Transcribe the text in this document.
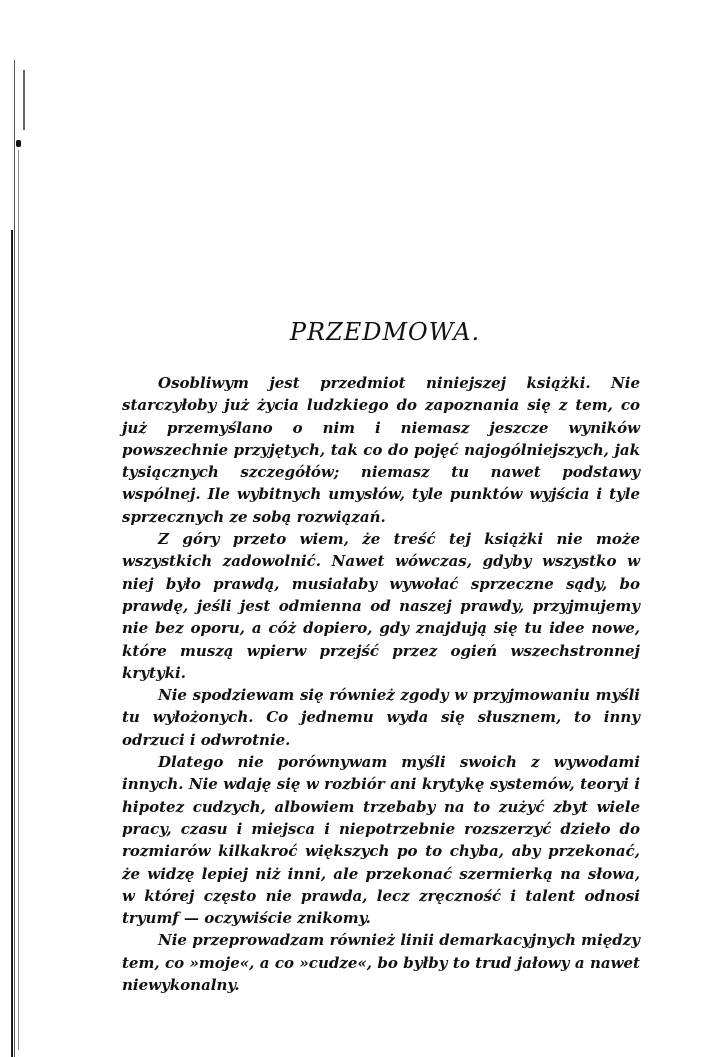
PRZEDMOWA.

Osobliwym jest przedmiot niniejszej książki. Nie starczyłoby już życia ludzkiego do zapoznania się z tem, co już przemyślano o nim i niemasz jeszcze wyników powszechnie przyjętych, tak co do pojęć najogólniejszych, jak tysiącznych szczegółów; niemasz tu nawet podstawy wspólnej. Ile wybitnych umysłów, tyle punktów wyjścia i tyle sprzecznych ze sobą rozwiązań.

Z góry przeto wiem, że treść tej książki nie może wszystkich zadowolnić. Nawet wówczas, gdyby wszystko w niej było prawdą, musiałaby wywołać sprzeczne sądy, bo prawdę, jeśli jest odmienna od naszej prawdy, przyjmujemy nie bez oporu, a cóż dopiero, gdy znajdują się tu idee nowe, które muszą wpierw przejść przez ogień wszechstronnej krytyki.

Nie spodziewam się również zgody w przyjmowaniu myśli tu wyłożonych. Co jednemu wyda się słusznem, to inny odrzuci i odwrotnie.

Dlatego nie porównywam myśli swoich z wywodami innych. Nie wdaję się w rozbiór ani krytykę systemów, teoryi i hipotez cudzych, albowiem trzebaby na to zużyć zbyt wiele pracy, czasu i miejsca i niepotrzebnie rozszerzyć dzieło do rozmiarów kilkakroć większych po to chyba, aby przekonać, że widzę lepiej niż inni, ale przekonać szermierką na słowa, w której często nie prawda, lecz zręczność i talent odnosi tryumf — oczywiście znikomy.

Nie przeprowadzam również linii demarkacyjnych między tem, co »moje«, a co »cudze«, bo byłby to trud jałowy a nawet niewykonalny.
